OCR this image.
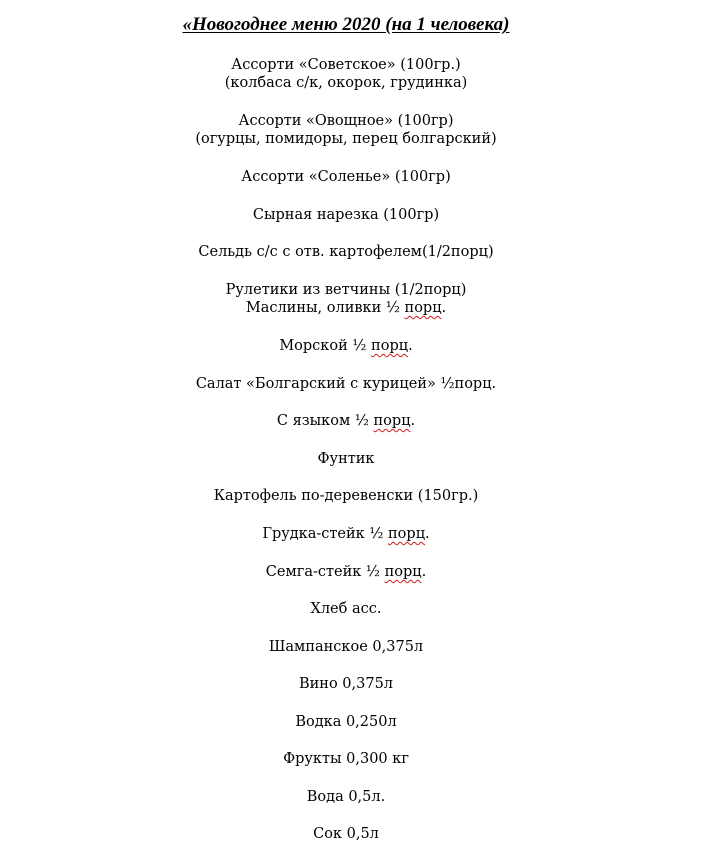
«Новогоднее меню 2020 (на 1 человека)
Ассорти «Советское» (100гр.)
(колбаса с/к, окорок, грудинка)
Ассорти «Овощное» (100гр)
(огурцы, помидоры, перец болгарский)
Ассорти «Соленье» (100гр)
Сырная нарезка (100гр)
Сельдь с/с с отв. картофелем(1/2порц)
Рулетики из ветчины (1/2порц)
Маслины, оливки ½ порц.
Морской ½ порц.
Салат «Болгарский с курицей» ½порц.
С языком ½ порц.
Фунтик
Картофель по-деревенски (150гр.)
Грудка-стейк ½ порц.
Семга-стейк ½ порц.
Хлеб асс.
Шампанское 0,375л
Вино 0,375л
Водка 0,250л
Фрукты 0,300 кг
Вода 0,5л.
Сок 0,5л
